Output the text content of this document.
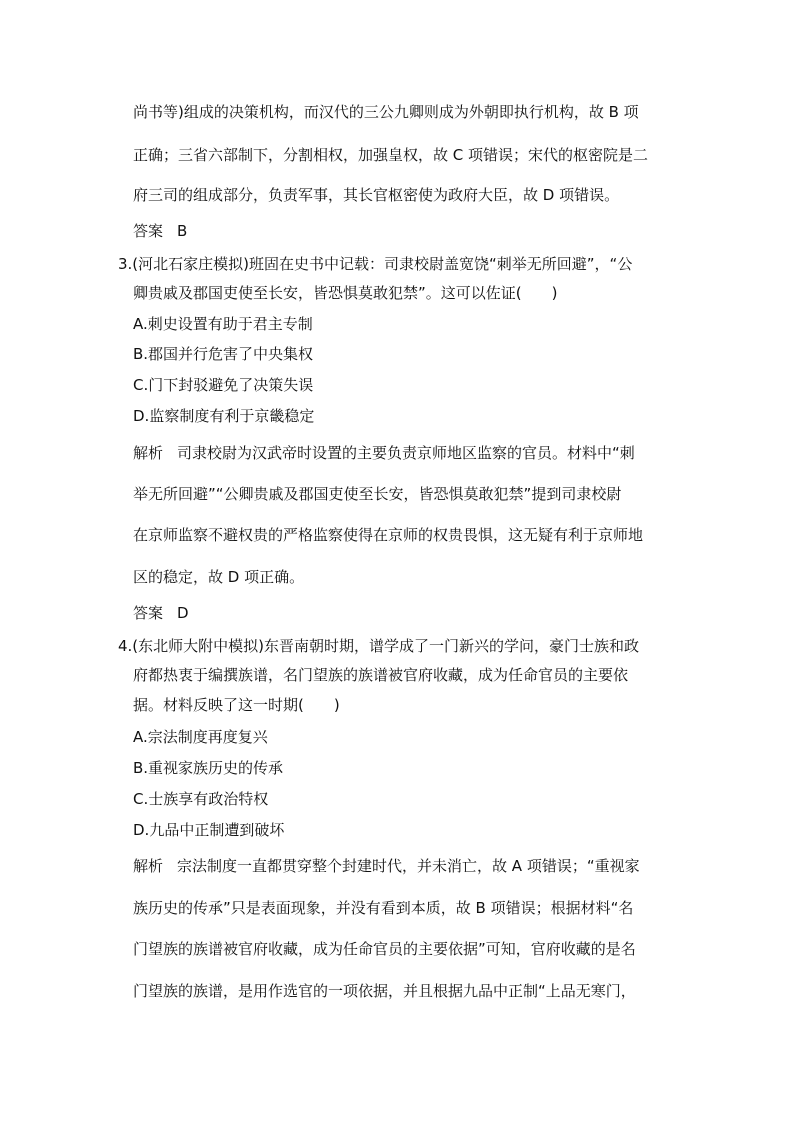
尚书等)组成的决策机构，而汉代的三公九卿则成为外朝即执行机构，故 B 项
正确；三省六部制下，分割相权，加强皇权，故 C 项错误；宋代的枢密院是二
府三司的组成部分，负责军事，其长官枢密使为政府大臣，故 D 项错误。
答案 B
3.(河北石家庄模拟)班固在史书中记载：司隶校尉盖宽饶“刺举无所回避”，“公
卿贵戚及郡国吏使至长安，皆恐惧莫敢犯禁”。这可以佐证(　　)
A.刺史设置有助于君主专制
B.郡国并行危害了中央集权
C.门下封驳避免了决策失误
D.监察制度有利于京畿稳定
解析 司隶校尉为汉武帝时设置的主要负责京师地区监察的官员。材料中“刺
举无所回避”“公卿贵戚及郡国吏使至长安，皆恐惧莫敢犯禁”提到司隶校尉
在京师监察不避权贵的严格监察使得在京师的权贵畏惧，这无疑有利于京师地
区的稳定，故 D 项正确。
答案 D
4.(东北师大附中模拟)东晋南朝时期，谱学成了一门新兴的学问，豪门士族和政
府都热衷于编撰族谱，名门望族的族谱被官府收藏，成为任命官员的主要依
据。材料反映了这一时期(　　)
A.宗法制度再度复兴
B.重视家族历史的传承
C.士族享有政治特权
D.九品中正制遭到破坏
解析 宗法制度一直都贯穿整个封建时代，并未消亡，故 A 项错误；“重视家
族历史的传承”只是表面现象，并没有看到本质，故 B 项错误；根据材料“名
门望族的族谱被官府收藏，成为任命官员的主要依据”可知，官府收藏的是名
门望族的族谱，是用作选官的一项依据，并且根据九品中正制“上品无寒门，
